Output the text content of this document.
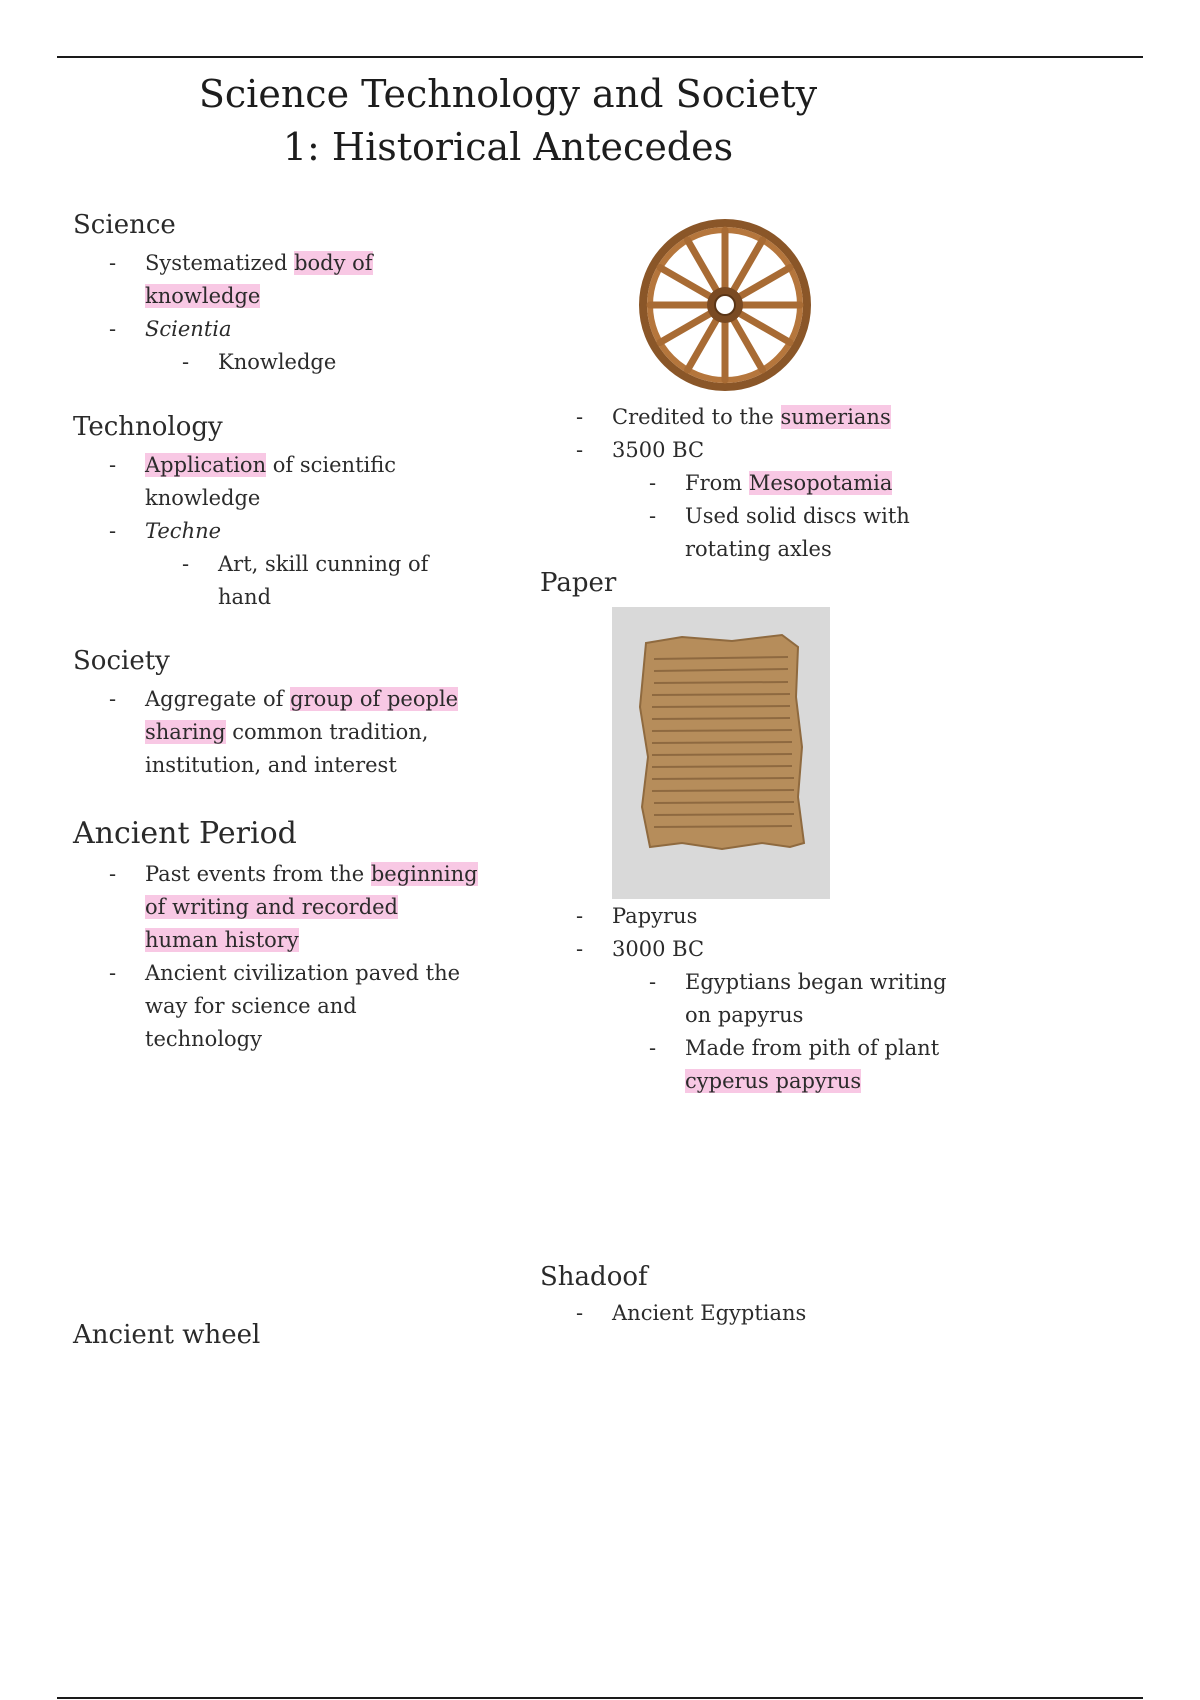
Science Technology and Society
1: Historical Antecedes
Science
- Systematized body of
knowledge
- Scientia
- Knowledge
Technology
- Application of scientific
knowledge
- Techne
- Art, skill cunning of
hand
Society
- Aggregate of group of people
sharing common tradition,
institution, and interest
Ancient Period
- Past events from the beginning
of writing and recorded
human history
- Ancient civilization paved the
way for science and
technology
Ancient wheel
- Credited to the sumerians
- 3500 BC
- From Mesopotamia
- Used solid discs with
rotating axles
Paper
- Papyrus
- 3000 BC
- Egyptians began writing
on papyrus
- Made from pith of plant
cyperus papyrus
Shadoof
- Ancient Egyptians
